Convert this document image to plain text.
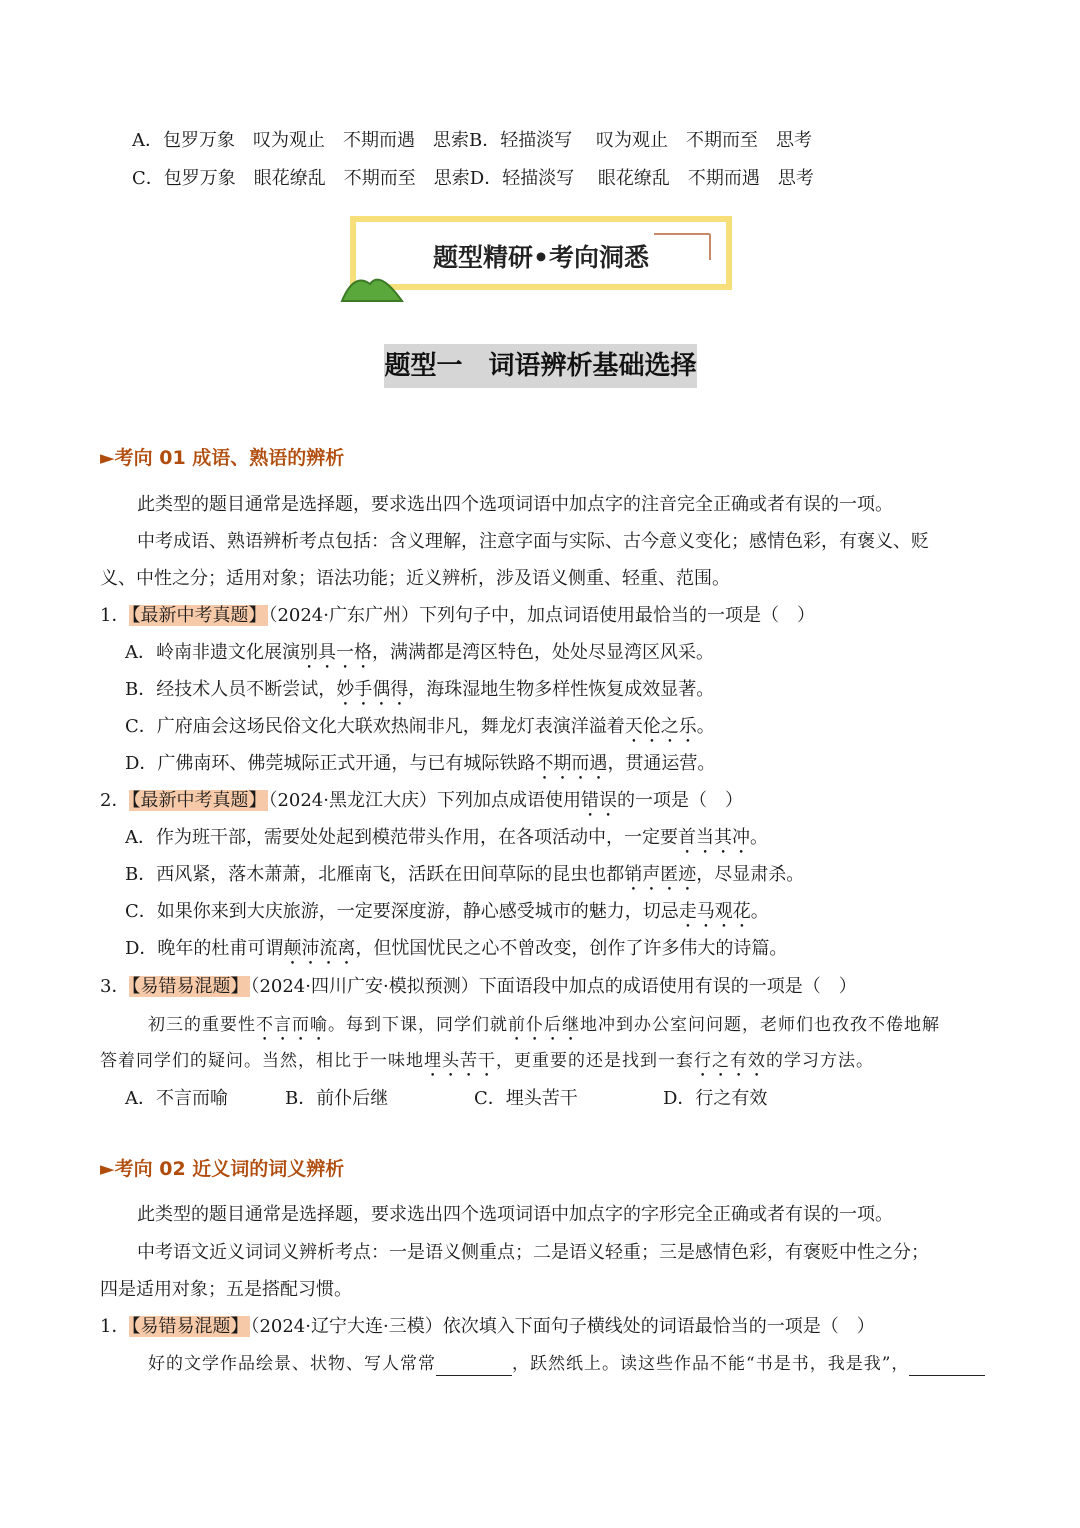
A．包罗万象　叹为观止　不期而遇　思索B．轻描淡写　 叹为观止　不期而至　思考
C．包罗万象　眼花缭乱　不期而至　思索D．轻描淡写　 眼花缭乱　不期而遇　思考
题型精研•考向洞悉
题型一　词语辨析基础选择
►考向 01 成语、熟语的辨析
此类型的题目通常是选择题，要求选出四个选项词语中加点字的注音完全正确或者有误的一项。
中考成语、熟语辨析考点包括：含义理解，注意字面与实际、古今意义变化；感情色彩，有褒义、贬
义、中性之分；适用对象；语法功能；近义辨析，涉及语义侧重、轻重、范围。
1． 【最新中考真题】 （2024·广东广州）下列句子中，加点词语使用最恰当的一项是（　）
A．岭南非遗文化展演别具一格，满满都是湾区特色，处处尽显湾区风采。
B．经技术人员不断尝试，妙手偶得，海珠湿地生物多样性恢复成效显著。
C．广府庙会这场民俗文化大联欢热闹非凡，舞龙灯表演洋溢着天伦之乐。
D．广佛南环、佛莞城际正式开通，与已有城际铁路不期而遇，贯通运营。
2． 【最新中考真题】 （2024·黑龙江大庆）下列加点成语使用错误的一项是（　）
A．作为班干部，需要处处起到模范带头作用，在各项活动中，一定要首当其冲。
B．西风紧，落木萧萧，北雁南飞，活跃在田间草际的昆虫也都销声匿迹，尽显肃杀。
C．如果你来到大庆旅游，一定要深度游，静心感受城市的魅力，切忌走马观花。
D．晚年的杜甫可谓颠沛流离，但忧国忧民之心不曾改变，创作了许多伟大的诗篇。
3． 【易错易混题】 （2024·四川广安·模拟预测）下面语段中加点的成语使用有误的一项是（　）
初三的重要性不言而喻。每到下课，同学们就前仆后继地冲到办公室问问题，老师们也孜孜不倦地解
答着同学们的疑问。当然，相比于一味地埋头苦干，更重要的还是找到一套行之有效的学习方法。
A．不言而喻	B．前仆后继	C．埋头苦干	D．行之有效
►考向 02 近义词的词义辨析
此类型的题目通常是选择题，要求选出四个选项词语中加点字的字形完全正确或者有误的一项。
中考语文近义词词义辨析考点：一是语义侧重点；二是语义轻重；三是感情色彩，有褒贬中性之分；
四是适用对象；五是搭配习惯。
1． 【易错易混题】 （2024·辽宁大连·三模）依次填入下面句子横线处的词语最恰当的一项是（　）
好的文学作品绘景、状物、写人常常	，跃然纸上。读这些作品不能“书是书，我是我”，
